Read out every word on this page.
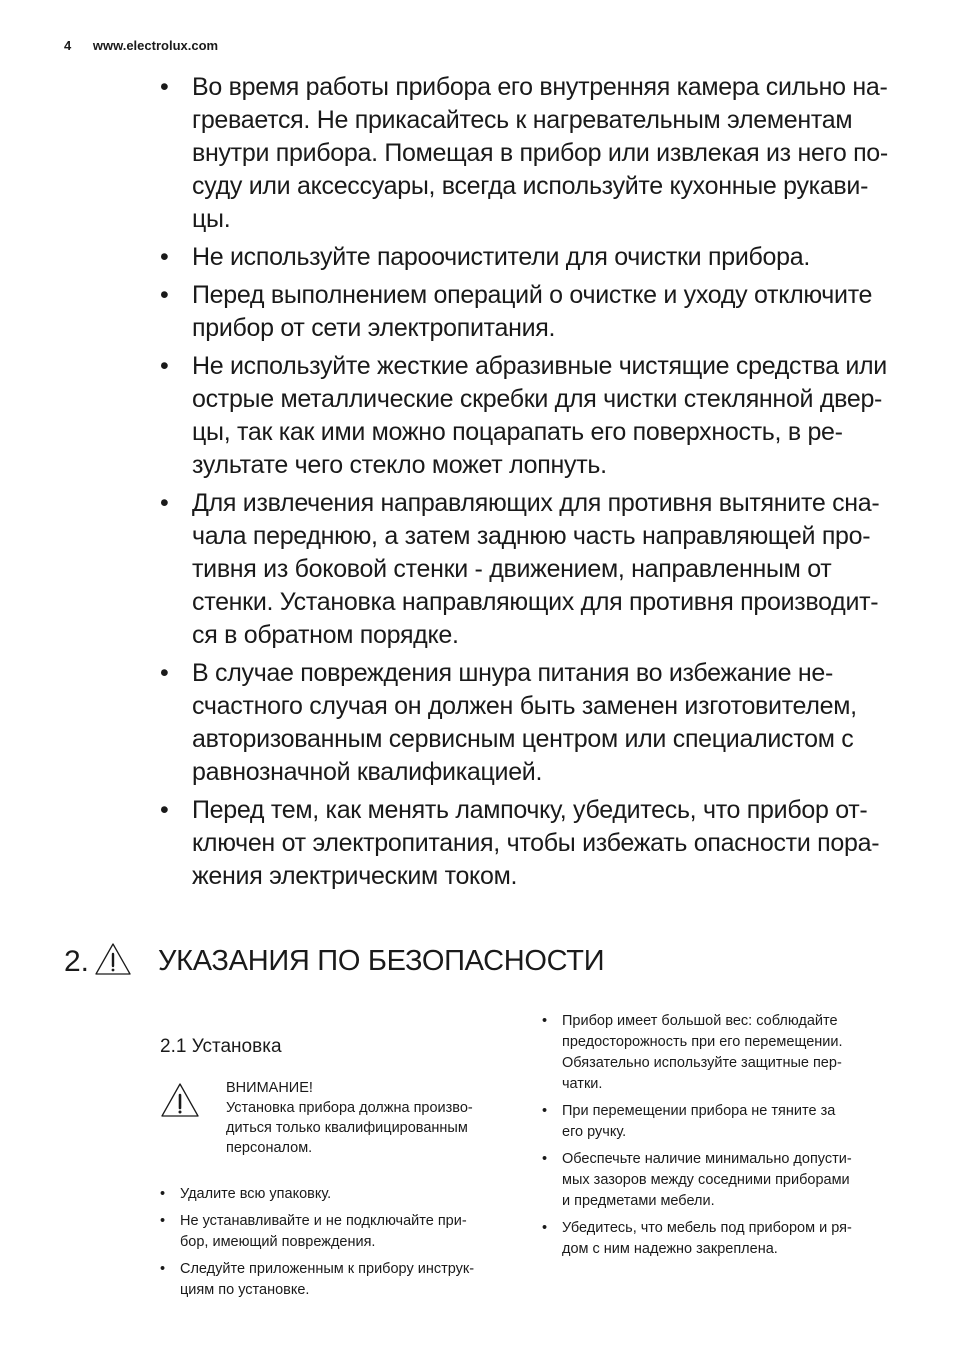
4 www.electrolux.com
• Во время работы прибора его внутренняя камера сильно на-
гревается. Не прикасайтесь к нагревательным элементам
внутри прибора. Помещая в прибор или извлекая из него по-
суду или аксессуары, всегда используйте кухонные рукави-
цы.
• Не используйте пароочистители для очистки прибора.
• Перед выполнением операций о очистке и уходу отключите
прибор от сети электропитания.
• Не используйте жесткие абразивные чистящие средства или
острые металлические скребки для чистки стеклянной двер-
цы, так как ими можно поцарапать его поверхность, в ре-
зультате чего стекло может лопнуть.
• Для извлечения направляющих для противня вытяните сна-
чала переднюю, а затем заднюю часть направляющей про-
тивня из боковой стенки - движением, направленным от
стенки. Установка направляющих для противня производит-
ся в обратном порядке.
• В случае повреждения шнура питания во избежание не-
счастного случая он должен быть заменен изготовителем,
авторизованным сервисным центром или специалистом с
равнозначной квалификацией.
• Перед тем, как менять лампочку, убедитесь, что прибор от-
ключен от электропитания, чтобы избежать опасности пора-
жения электрическим током.
2. УКАЗАНИЯ ПО БЕЗОПАСНОСТИ
2.1 Установка
ВНИМАНИЕ!
Установка прибора должна произво-
диться только квалифицированным
персоналом.
• Удалите всю упаковку.
• Не устанавливайте и не подключайте при-
бор, имеющий повреждения.
• Следуйте приложенным к прибору инструк-
циям по установке.
• Прибор имеет большой вес: соблюдайте
предосторожность при его перемещении.
Обязательно используйте защитные пер-
чатки.
• При перемещении прибора не тяните за
его ручку.
• Обеспечьте наличие минимально допусти-
мых зазоров между соседними приборами
и предметами мебели.
• Убедитесь, что мебель под прибором и ря-
дом с ним надежно закреплена.
